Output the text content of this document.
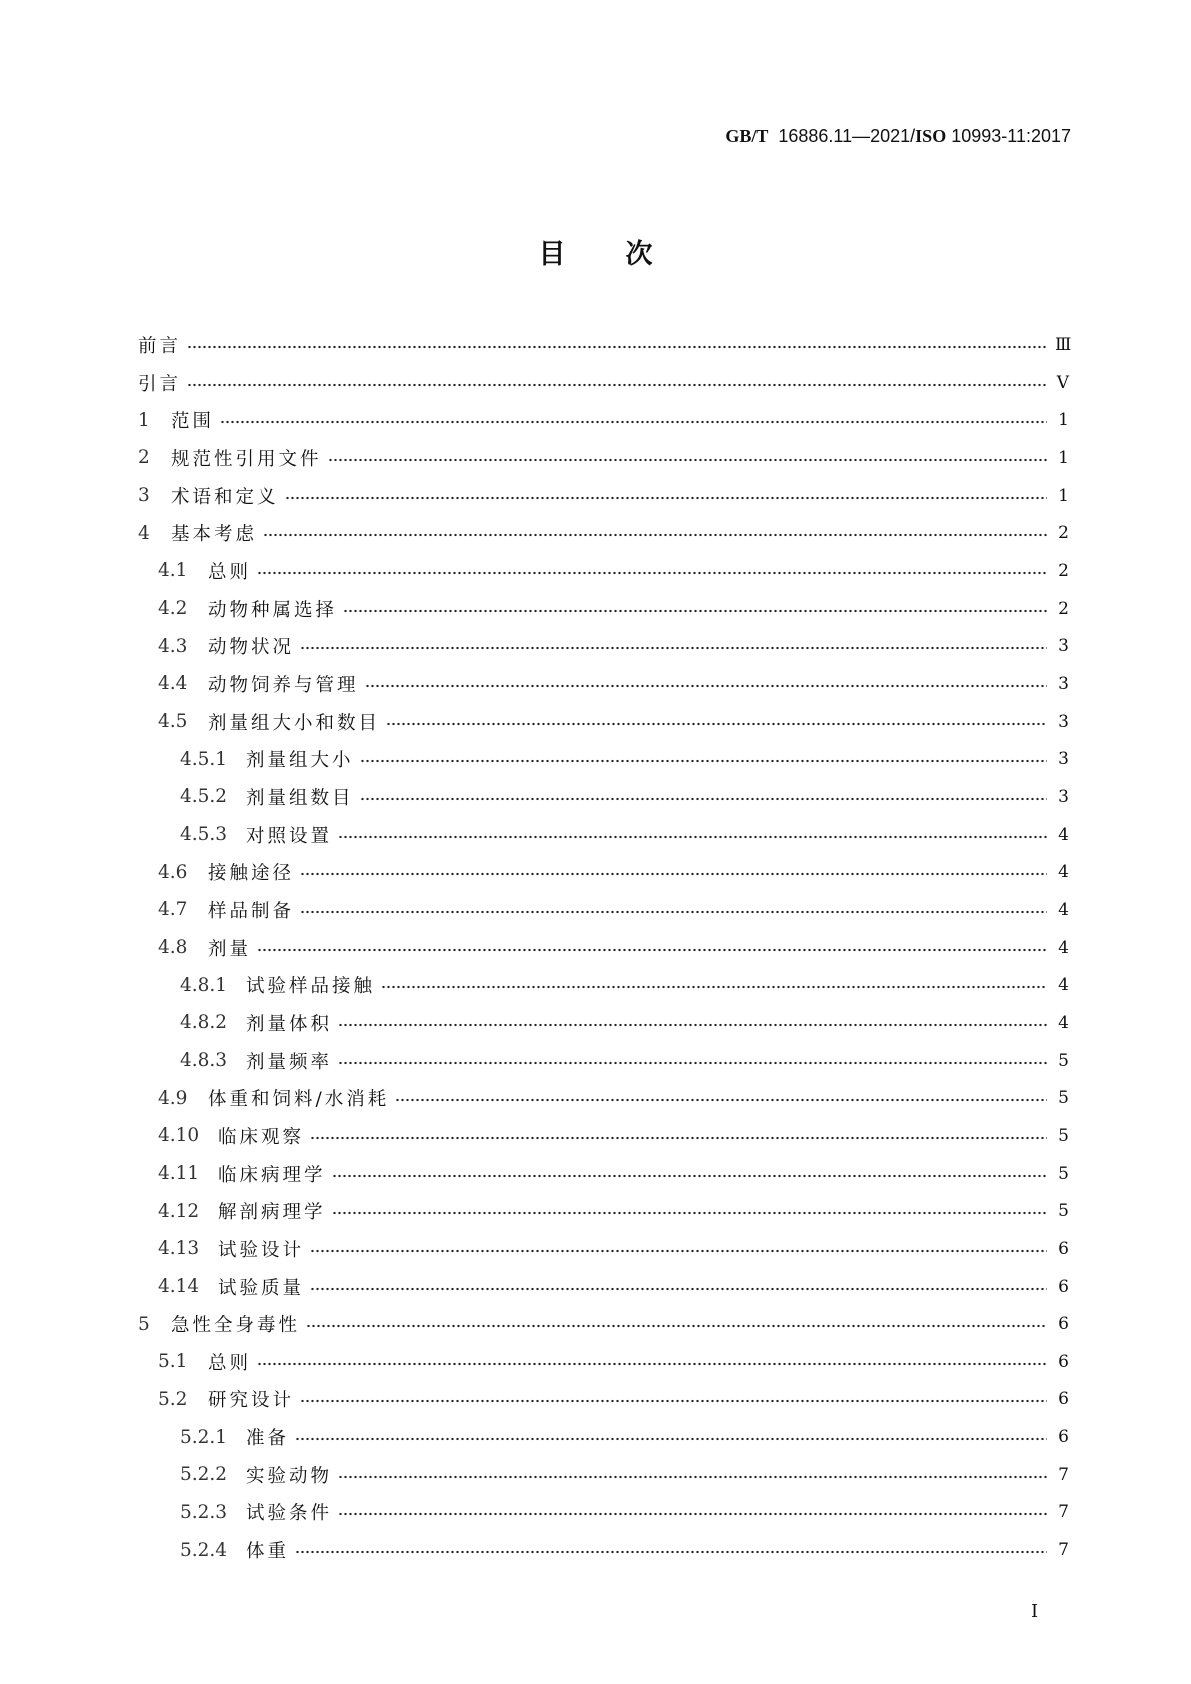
GB/T 16886.11—2021/ISO 10993-11:2017
目次
前言	Ⅲ
引言	Ⅴ
1	范围	1
2	规范性引用文件	1
3	术语和定义	1
4	基本考虑	2
4.1	总则	2
4.2	动物种属选择	2
4.3	动物状况	3
4.4	动物饲养与管理	3
4.5	剂量组大小和数目	3
4.5.1	剂量组大小	3
4.5.2	剂量组数目	3
4.5.3	对照设置	4
4.6	接触途径	4
4.7	样品制备	4
4.8	剂量	4
4.8.1	试验样品接触	4
4.8.2	剂量体积	4
4.8.3	剂量频率	5
4.9	体重和饲料/水消耗	5
4.10	临床观察	5
4.11	临床病理学	5
4.12	解剖病理学	5
4.13	试验设计	6
4.14	试验质量	6
5	急性全身毒性	6
5.1	总则	6
5.2	研究设计	6
5.2.1	准备	6
5.2.2	实验动物	7
5.2.3	试验条件	7
5.2.4	体重	7
I
